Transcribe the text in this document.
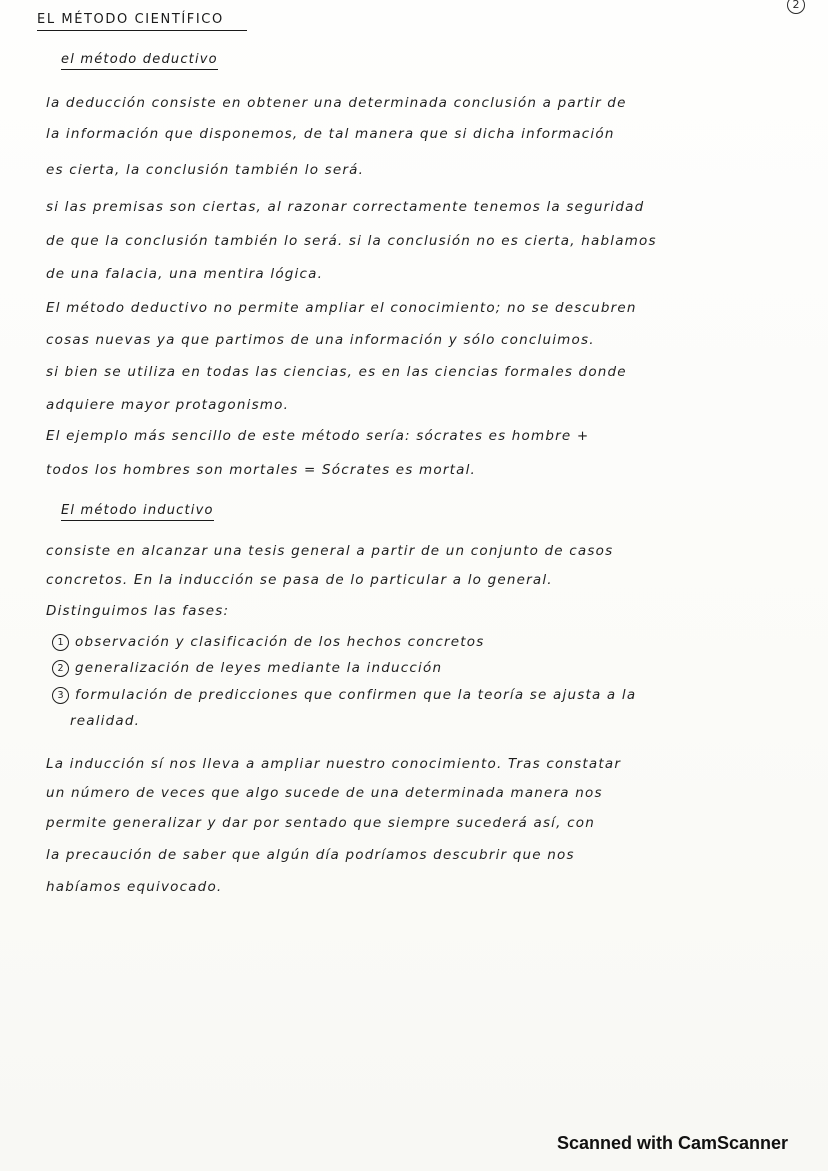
2
EL MÉTODO CIENTÍFICO
el método deductivo
la deducción consiste en obtener una determinada conclusión a partir de
la información que disponemos, de tal manera que si dicha información
es cierta, la conclusión también lo será.
si las premisas son ciertas, al razonar correctamente tenemos la seguridad
de que la conclusión también lo será. si la conclusión no es cierta, hablamos
de una falacia, una mentira lógica.
El método deductivo no permite ampliar el conocimiento; no se descubren
cosas nuevas ya que partimos de una información y sólo concluimos.
si bien se utiliza en todas las ciencias, es en las ciencias formales donde
adquiere mayor protagonismo.
El ejemplo más sencillo de este método sería: sócrates es hombre +
todos los hombres son mortales = Sócrates es mortal.
El método inductivo
consiste en alcanzar una tesis general a partir de un conjunto de casos
concretos. En la inducción se pasa de lo particular a lo general.
Distinguimos las fases:
1 observación y clasificación de los hechos concretos
2 generalización de leyes mediante la inducción
3 formulación de predicciones que confirmen que la teoría se ajusta a la
realidad.
La inducción sí nos lleva a ampliar nuestro conocimiento. Tras constatar
un número de veces que algo sucede de una determinada manera nos
permite generalizar y dar por sentado que siempre sucederá así, con
la precaución de saber que algún día podríamos descubrir que nos
habíamos equivocado.
Scanned with CamScanner
